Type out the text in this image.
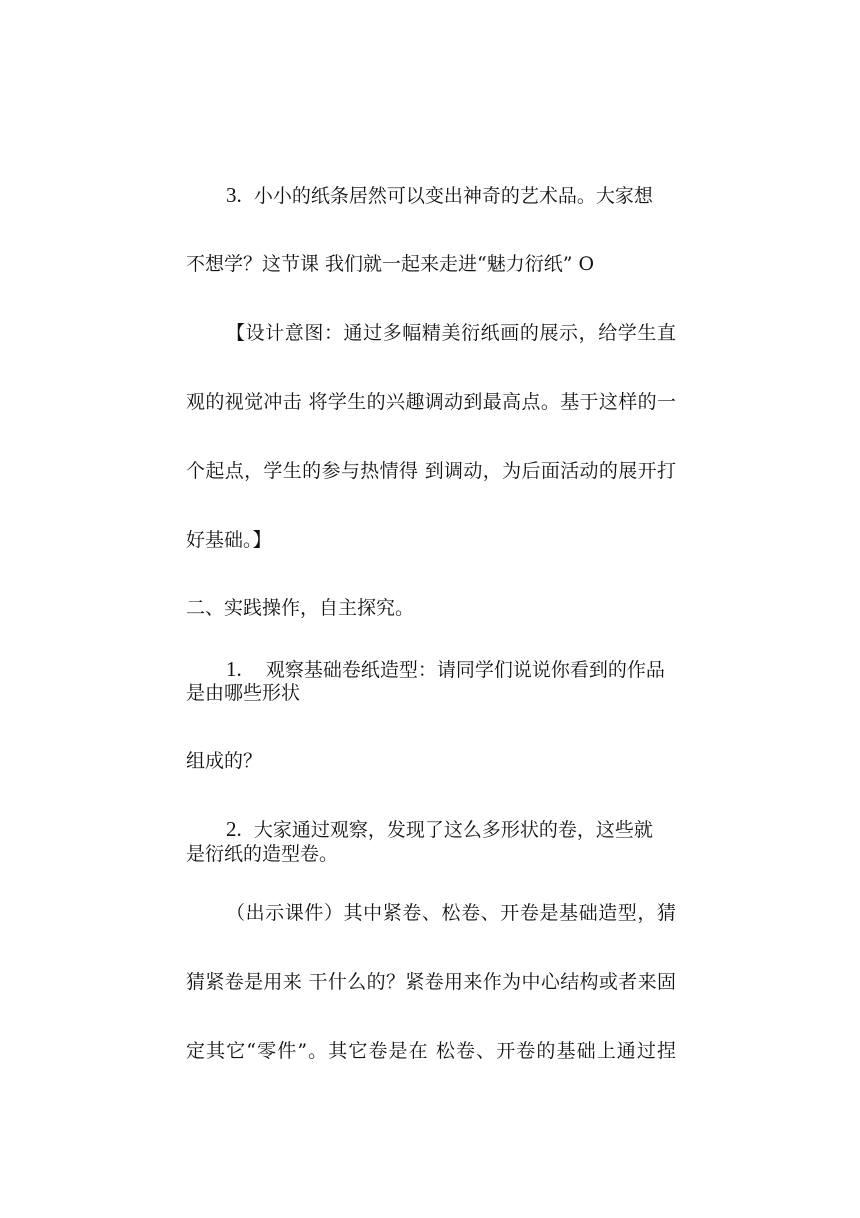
3. 小小的纸条居然可以变出神奇的艺术品。大家想

不想学？这节课 我们就一起来走进“魅力衍纸” O

【设计意图：通过多幅精美衍纸画的展示，给学生直

观的视觉冲击 将学生的兴趣调动到最高点。基于这样的一

个起点，学生的参与热情得 到调动，为后面活动的展开打

好基础。】

二、实践操作，自主探究。

1. 观察基础卷纸造型：请同学们说说你看到的作品

是由哪些形状

组成的？

2. 大家通过观察，发现了这么多形状的卷，这些就

是衍纸的造型卷。

（出示课件）其中紧卷、松卷、开卷是基础造型，猜

猜紧卷是用来 干什么的？紧卷用来作为中心结构或者来固

定其它“零件”。其它卷是在 松卷、开卷的基础上通过捏
